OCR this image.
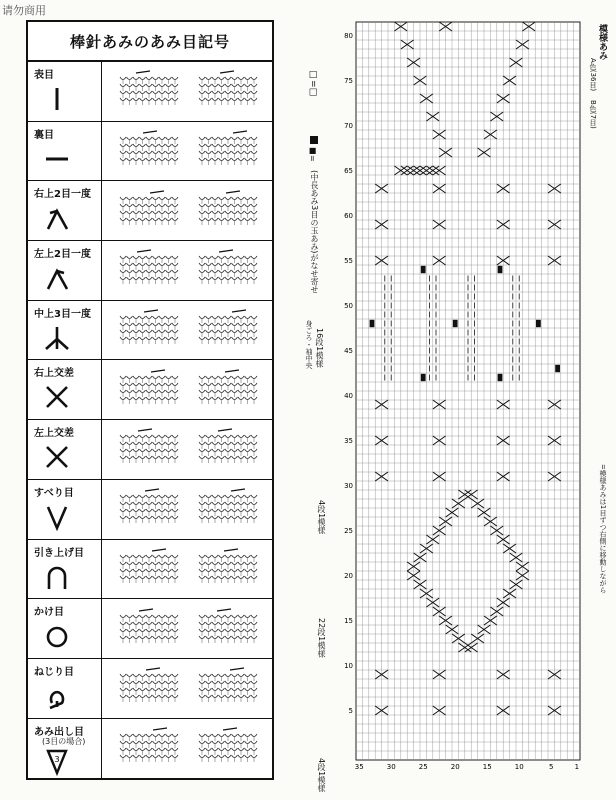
请勿商用
棒針あみのあみ目記号
表目
裏目
右上2目一度
左上2目一度
中上3目一度
右上交差
左上交差
すべり目
引き上げ目
かけ目
ねじり目
あみ出し目
(3目の場合)
3
□=□
■=
(中長あみ3目の玉あみ)がなせ寄せ
16段1模様
身ごろ・袖中央
4段1模様
22段1模様
4段1模様
80
75
70
65
60
55
50
45
40
35
30
25
20
15
10
5
1
5
10
15
20
25
30
35
模様あみ
A色(36目)
B色(7目)
=模様あみは1目ずつ右側に移動しながら
